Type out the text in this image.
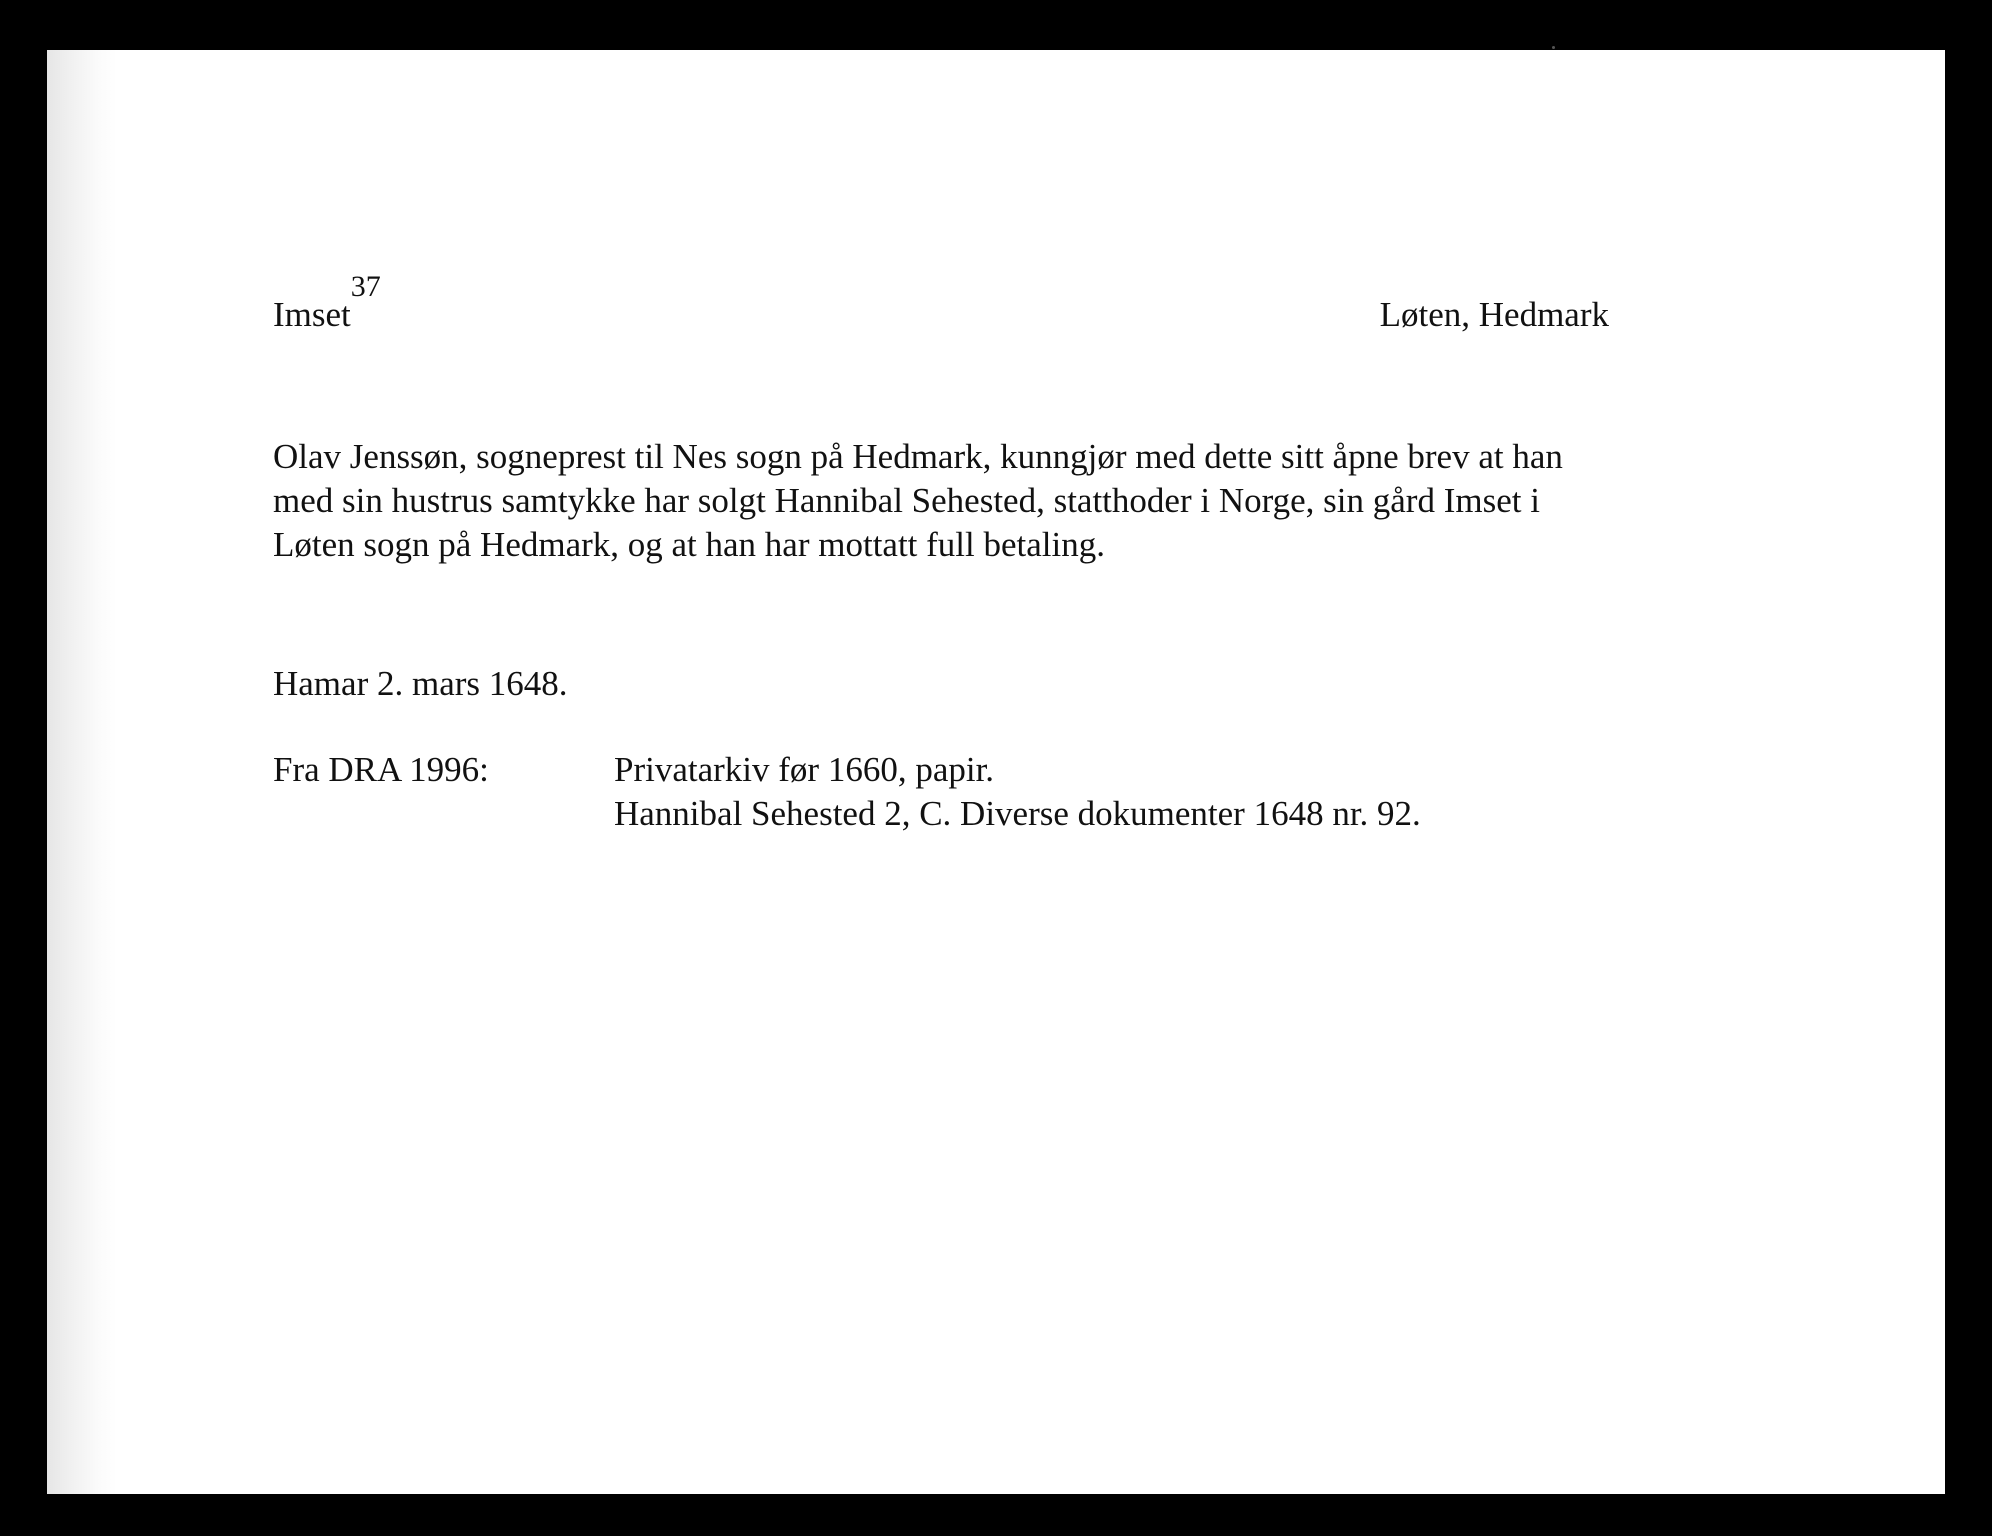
Imset$^{37}$
Løten, Hedmark
Olav Jenssøn, sogneprest til Nes sogn på Hedmark, kunngjør med dette sitt åpne brev at han
med sin hustrus samtykke har solgt Hannibal Sehested, statthoder i Norge, sin gård Imset i
Løten sogn på Hedmark, og at han har mottatt full betaling.
Hamar 2. mars 1648.
Fra DRA 1996:	Privatarkiv før 1660, papir.
Hannibal Sehested 2, C. Diverse dokumenter 1648 nr. 92.
